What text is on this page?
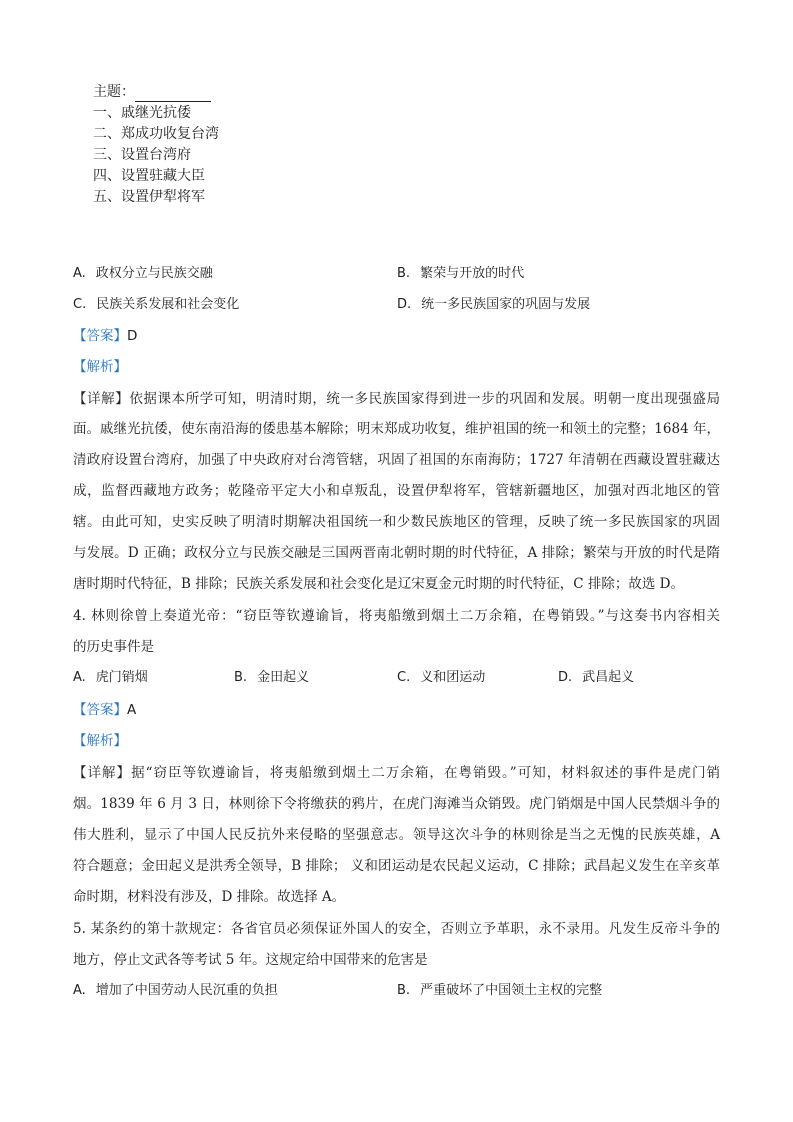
主题：
一、戚继光抗倭
二、郑成功收复台湾
三、设置台湾府
四、设置驻藏大臣
五、设置伊犁将军
A. 政权分立与民族交融	B. 繁荣与开放的时代
C. 民族关系发展和社会变化	D. 统一多民族国家的巩固与发展
【答案】D
【解析】
【详解】依据课本所学可知，明清时期，统一多民族国家得到进一步的巩固和发展。明朝一度出现强盛局
面。戚继光抗倭，使东南沿海的倭患基本解除；明末郑成功收复，维护祖国的统一和领土的完整；1684 年，
清政府设置台湾府，加强了中央政府对台湾管辖，巩固了祖国的东南海防；1727 年清朝在西藏设置驻藏达
成，监督西藏地方政务；乾隆帝平定大小和卓叛乱，设置伊犁将军，管辖新疆地区，加强对西北地区的管
辖。由此可知，史实反映了明清时期解决祖国统一和少数民族地区的管理，反映了统一多民族国家的巩固
与发展。D 正确；政权分立与民族交融是三国两晋南北朝时期的时代特征，A 排除；繁荣与开放的时代是隋
唐时期时代特征，B 排除；民族关系发展和社会变化是辽宋夏金元时期的时代特征，C 排除；故选 D。
4. 林则徐曾上奏道光帝：“窃臣等钦遵谕旨，将夷船缴到烟土二万余箱，在粤销毁。”与这奏书内容相关
的历史事件是
A. 虎门销烟	B. 金田起义	C. 义和团运动	D. 武昌起义
【答案】A
【解析】
【详解】据“窃臣等钦遵谕旨，将夷船缴到烟土二万余箱，在粤销毁。”可知，材料叙述的事件是虎门销
烟。1839 年 6 月 3 日，林则徐下令将缴获的鸦片，在虎门海滩当众销毁。虎门销烟是中国人民禁烟斗争的
伟大胜利，显示了中国人民反抗外来侵略的坚强意志。领导这次斗争的林则徐是当之无愧的民族英雄，A
符合题意；金田起义是洪秀全领导，B 排除； 义和团运动是农民起义运动，C 排除；武昌起义发生在辛亥革
命时期，材料没有涉及，D 排除。故选择 A。
5. 某条约的第十款规定：各省官员必须保证外国人的安全，否则立予革职，永不录用。凡发生反帝斗争的
地方，停止文武各等考试 5 年。这规定给中国带来的危害是
A. 增加了中国劳动人民沉重的负担	B. 严重破坏了中国领土主权的完整
